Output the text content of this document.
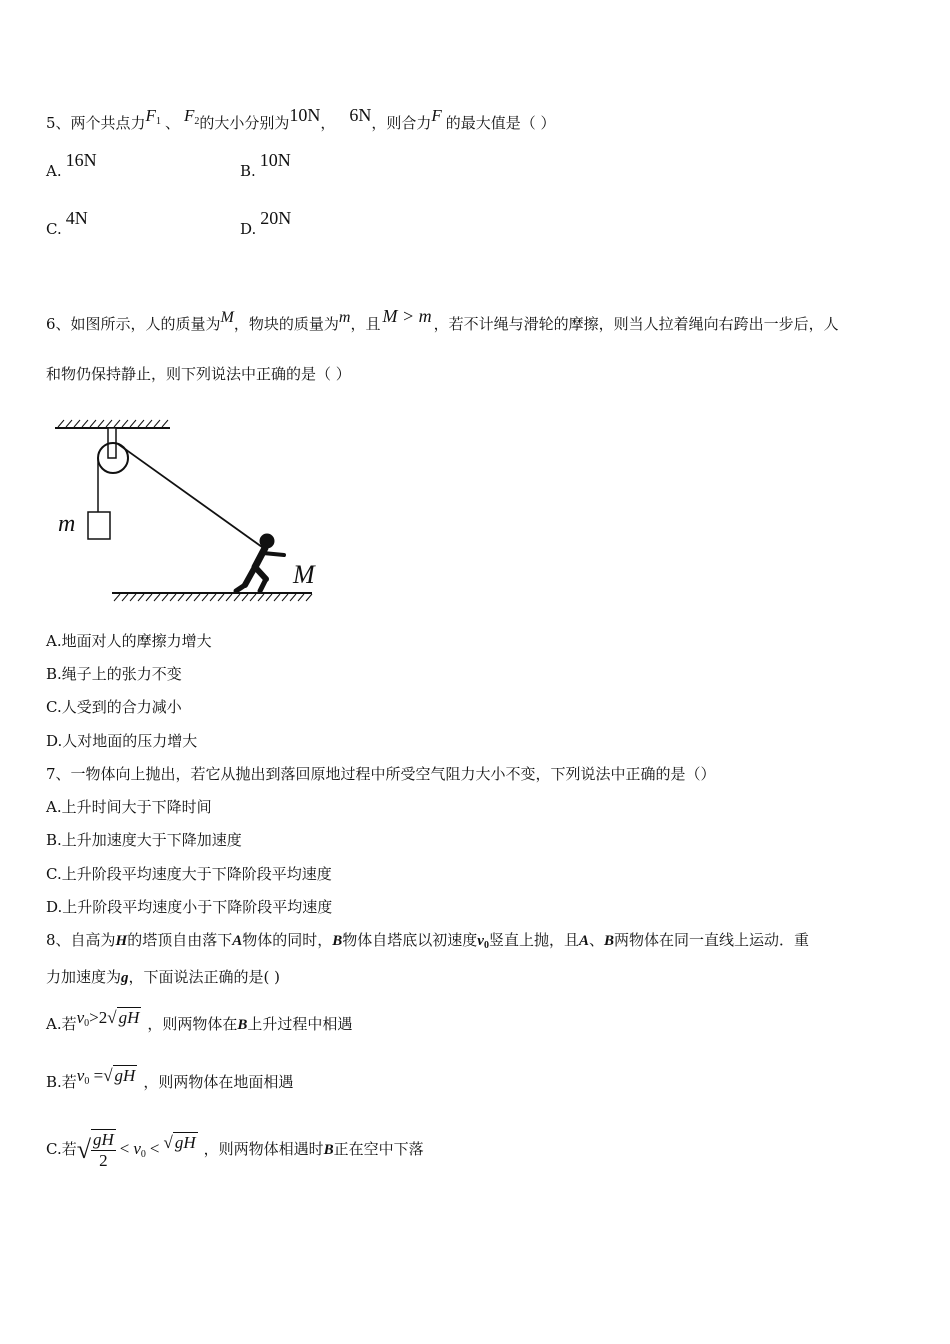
5、两个共点力$F_1$ 、 $F_2$的大小分别为10N， 6N，则合力F 的最大值是（ ）
A.16N
B.10N
C.4N
D.20N
6、如图所示，人的质量为M，物块的质量为m，且 M > m ，若不计绳与滑轮的摩擦，则当人拉着绳向右跨出一步后，人
和物仍保持静止，则下列说法中正确的是（ ）
m
M
A.地面对人的摩擦力增大
B.绳子上的张力不变
C.人受到的合力减小
D.人对地面的压力增大
7、一物体向上抛出，若它从抛出到落回原地过程中所受空气阻力大小不变，下列说法中正确的是（）
A.上升时间大于下降时间
B.上升加速度大于下降加速度
C.上升阶段平均速度大于下降阶段平均速度
D.上升阶段平均速度小于下降阶段平均速度
8、自高为H的塔顶自由落下A物体的同时，B物体自塔底以初速度$v_0$竖直上抛，且A、B两物体在同一直线上运动．重
力加速度为g，下面说法正确的是( )
A.若$v_0>2√$ gH ，则两物体在B上升过程中相遇
B.若$v_0$ =√ gH ，则两物体在地面相遇
C.若√ $\frac{gH}{2} < v_0$ < √ gH ，则两物体相遇时B正在空中下落
